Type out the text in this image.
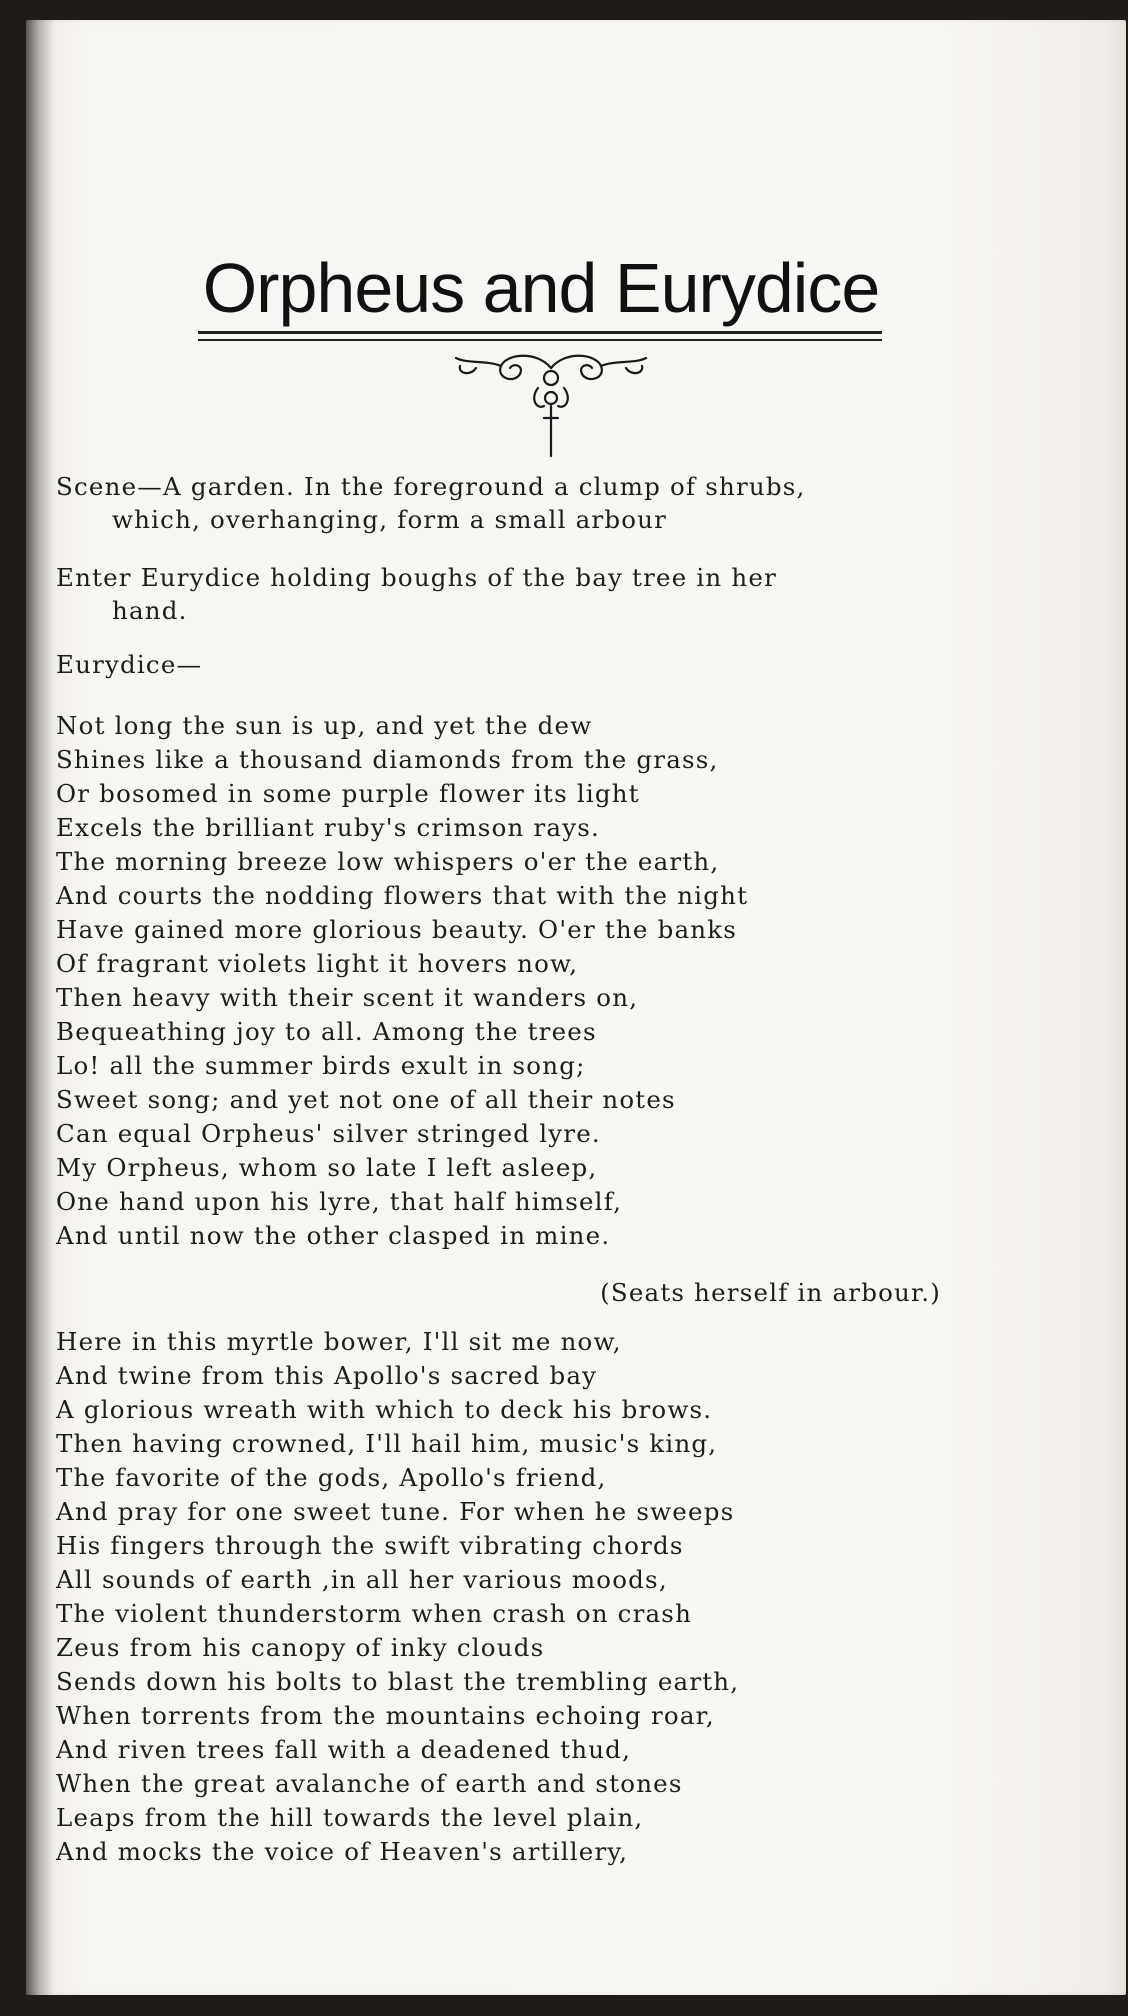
Orpheus and Eurydice
Scene—A garden. In the foreground a clump of shrubs,
which, overhanging, form a small arbour
Enter Eurydice holding boughs of the bay tree in her
hand.
Eurydice—
Not long the sun is up, and yet the dew
Shines like a thousand diamonds from the grass,
Or bosomed in some purple flower its light
Excels the brilliant ruby's crimson rays.
The morning breeze low whispers o'er the earth,
And courts the nodding flowers that with the night
Have gained more glorious beauty. O'er the banks
Of fragrant violets light it hovers now,
Then heavy with their scent it wanders on,
Bequeathing joy to all. Among the trees
Lo! all the summer birds exult in song;
Sweet song; and yet not one of all their notes
Can equal Orpheus' silver stringed lyre.
My Orpheus, whom so late I left asleep,
One hand upon his lyre, that half himself,
And until now the other clasped in mine.
(Seats herself in arbour.)
Here in this myrtle bower, I'll sit me now,
And twine from this Apollo's sacred bay
A glorious wreath with which to deck his brows.
Then having crowned, I'll hail him, music's king,
The favorite of the gods, Apollo's friend,
And pray for one sweet tune. For when he sweeps
His fingers through the swift vibrating chords
All sounds of earth ,in all her various moods,
The violent thunderstorm when crash on crash
Zeus from his canopy of inky clouds
Sends down his bolts to blast the trembling earth,
When torrents from the mountains echoing roar,
And riven trees fall with a deadened thud,
When the great avalanche of earth and stones
Leaps from the hill towards the level plain,
And mocks the voice of Heaven's artillery,
